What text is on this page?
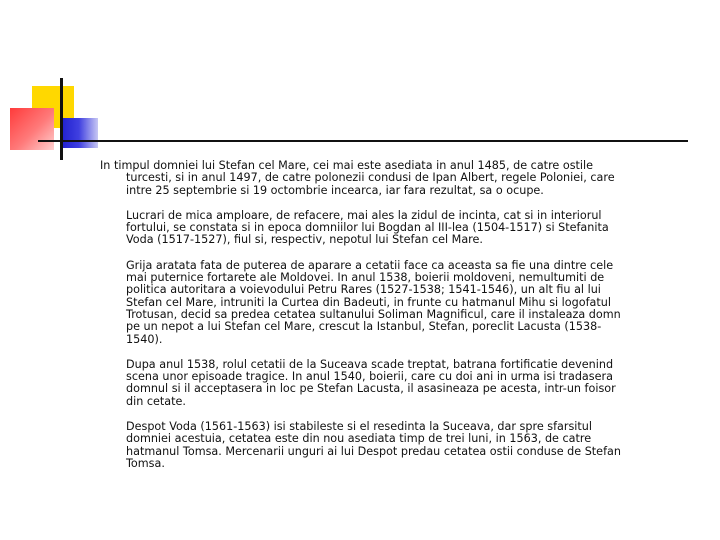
In timpul domniei lui Stefan cel Mare, cei mai este asediata in anul 1485, de catre ostile turcesti, si in anul 1497, de catre polonezii condusi de Ipan Albert, regele Poloniei, care intre 25 septembrie si 19 octombrie incearca, iar fara rezultat, sa o ocupe.

Lucrari de mica amploare, de refacere, mai ales la zidul de incinta, cat si in interiorul fortului, se constata si in epoca domniilor lui Bogdan al III-lea (1504-1517) si Stefanita Voda (1517-1527), fiul si, respectiv, nepotul lui Stefan cel Mare.

Grija aratata fata de puterea de aparare a cetatii face ca aceasta sa fie una dintre cele mai puternice fortarete ale Moldovei. In anul 1538, boierii moldoveni, nemultumiti de politica autoritara a voievodului Petru Rares (1527-1538; 1541-1546), un alt fiu al lui Stefan cel Mare, intruniti la Curtea din Badeuti, in frunte cu hatmanul Mihu si logofatul Trotusan, decid sa predea cetatea sultanului Soliman Magnificul, care il instaleaza domn pe un nepot a lui Stefan cel Mare, crescut la Istanbul, Stefan, poreclit Lacusta (1538-1540).

Dupa anul 1538, rolul cetatii de la Suceava scade treptat, batrana fortificatie devenind scena unor episoade tragice. In anul 1540, boierii, care cu doi ani in urma isi tradasera domnul si il acceptasera in loc pe Stefan Lacusta, il asasineaza pe acesta, intr-un foisor din cetate.

Despot Voda (1561-1563) isi stabileste si el resedinta la Suceava, dar spre sfarsitul domniei acestuia, cetatea este din nou asediata timp de trei luni, in 1563, de catre hatmanul Tomsa. Mercenarii unguri ai lui Despot predau cetatea ostii conduse de Stefan Tomsa.
